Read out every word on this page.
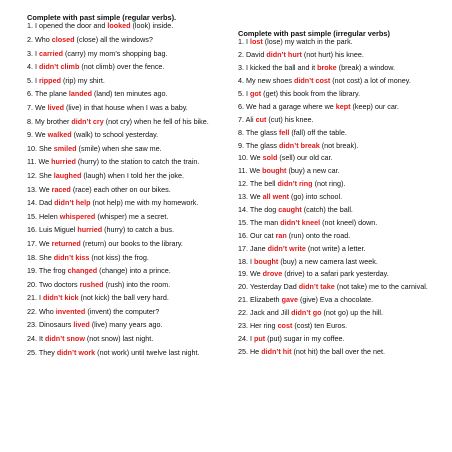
Complete with past simple (regular verbs).

1. I opened the door and looked (look) inside.
2. Who closed (close) all the windows?
3. I carried (carry) my mom’s shopping bag.
4. I didn’t climb (not climb) over the fence.
5. I ripped (rip) my shirt.
6. The plane landed (land) ten minutes ago.
7. We lived (live) in that house when I was a baby.
8. My brother didn’t cry (not cry) when he fell of his bike.
9. We walked (walk) to school yesterday.
10. She smiled (smile) when she saw me.
11. We hurried (hurry) to the station to catch the train.
12. She laughed (laugh) when I told her the joke.
13. We raced (race) each other on our bikes.
14. Dad didn’t help (not help) me with my homework.
15. Helen whispered (whisper) me a secret.
16. Luis Miguel hurried (hurry) to catch a bus.
17. We returned (return) our books to the library.
18. She didn’t kiss (not kiss) the frog.
19. The frog changed (change) into a prince.
20. Two doctors rushed (rush) into the room.
21. I didn’t kick (not kick) the ball very hard.
22. Who invented (invent) the computer?
23. Dinosaurs lived (live) many years ago.
24. It didn’t snow (not snow) last night.
25. They didn’t work (not work) until twelve last night.

Complete with past simple (irregular verbs)

1. I lost (lose) my watch in the park.
2. David didn’t hurt (not hurt) his knee.
3. I kicked the ball and it broke (break) a window.
4. My new shoes didn’t cost (not cost) a lot of money.
5. I got (get) this book from the library.
6. We had a garage where we kept (keep) our car.
7. Ali cut (cut) his knee.
8. The glass fell (fall) off the table.
9. The glass didn’t break (not break).
10. We sold (sell) our old car.
11. We bought (buy) a new car.
12. The bell didn’t ring (not ring).
13. We all went (go) into school.
14. The dog caught (catch) the ball.
15. The man didn’t kneel (not kneel) down.
16. Our cat ran (run) onto the road.
17. Jane didn’t write (not write) a letter.
18. I bought (buy) a new camera last week.
19. We drove (drive) to a safari park yesterday.
20. Yesterday Dad didn’t take (not take) me to the carnival.
21. Elizabeth gave (give) Eva a chocolate.
22. Jack and Jill didn’t go (not go) up the hill.
23. Her ring cost (cost) ten Euros.
24. I put (put) sugar in my coffee.
25. He didn’t hit (not hit) the ball over the net.
